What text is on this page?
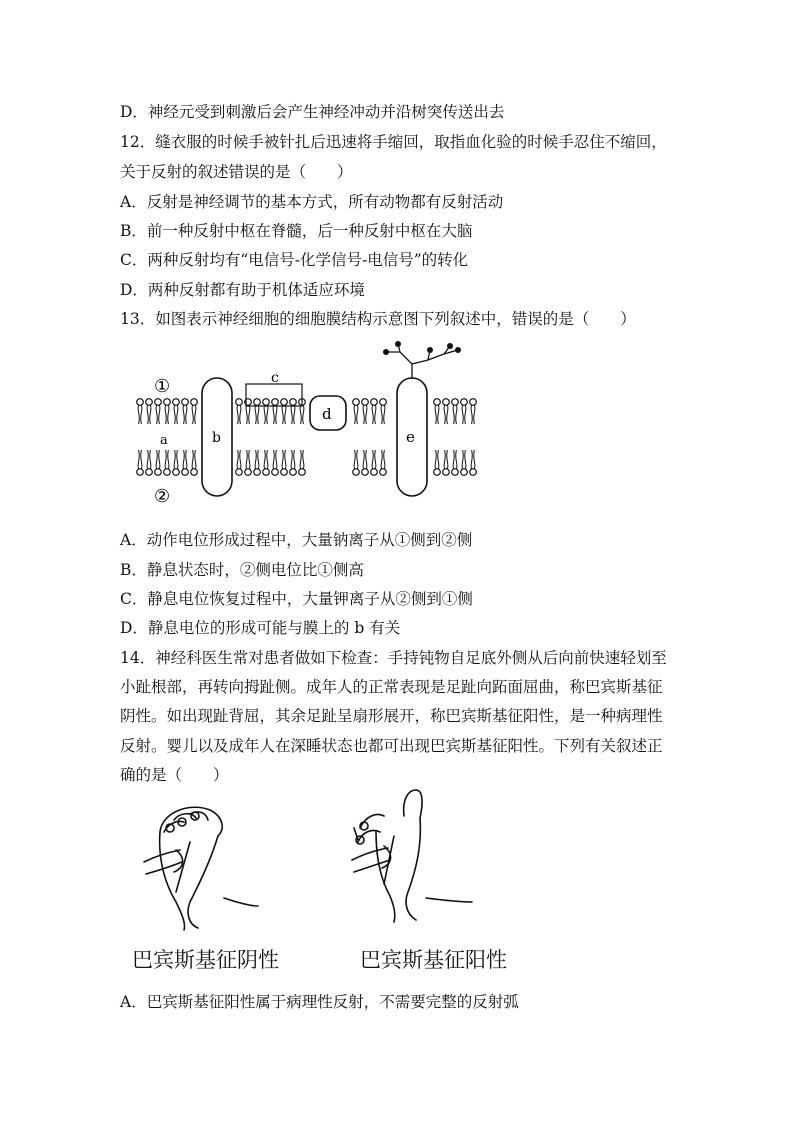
D．神经元受到刺激后会产生神经冲动并沿树突传送出去
12．缝衣服的时候手被针扎后迅速将手缩回，取指血化验的时候手忍住不缩回，
关于反射的叙述错误的是（　　）
A．反射是神经调节的基本方式，所有动物都有反射活动
B．前一种反射中枢在脊髓，后一种反射中枢在大脑
C．两种反射均有“电信号-化学信号-电信号”的转化
D．两种反射都有助于机体适应环境
13．如图表示神经细胞的细胞膜结构示意图下列叙述中，错误的是（　　）
①
②
a	b
c
d
e
A．动作电位形成过程中，大量钠离子从①侧到②侧
B．静息状态时，②侧电位比①侧高
C．静息电位恢复过程中，大量钾离子从②侧到①侧
D．静息电位的形成可能与膜上的 b 有关
14．神经科医生常对患者做如下检查：手持钝物自足底外侧从后向前快速轻划至
小趾根部，再转向拇趾侧。成年人的正常表现是足趾向跖面屈曲，称巴宾斯基征
阴性。如出现趾背屈，其余足趾呈扇形展开，称巴宾斯基征阳性，是一种病理性
反射。婴儿以及成年人在深睡状态也都可出现巴宾斯基征阳性。下列有关叙述正
确的是（　　）
巴宾斯基征阴性	巴宾斯基征阳性
A．巴宾斯基征阳性属于病理性反射，不需要完整的反射弧
